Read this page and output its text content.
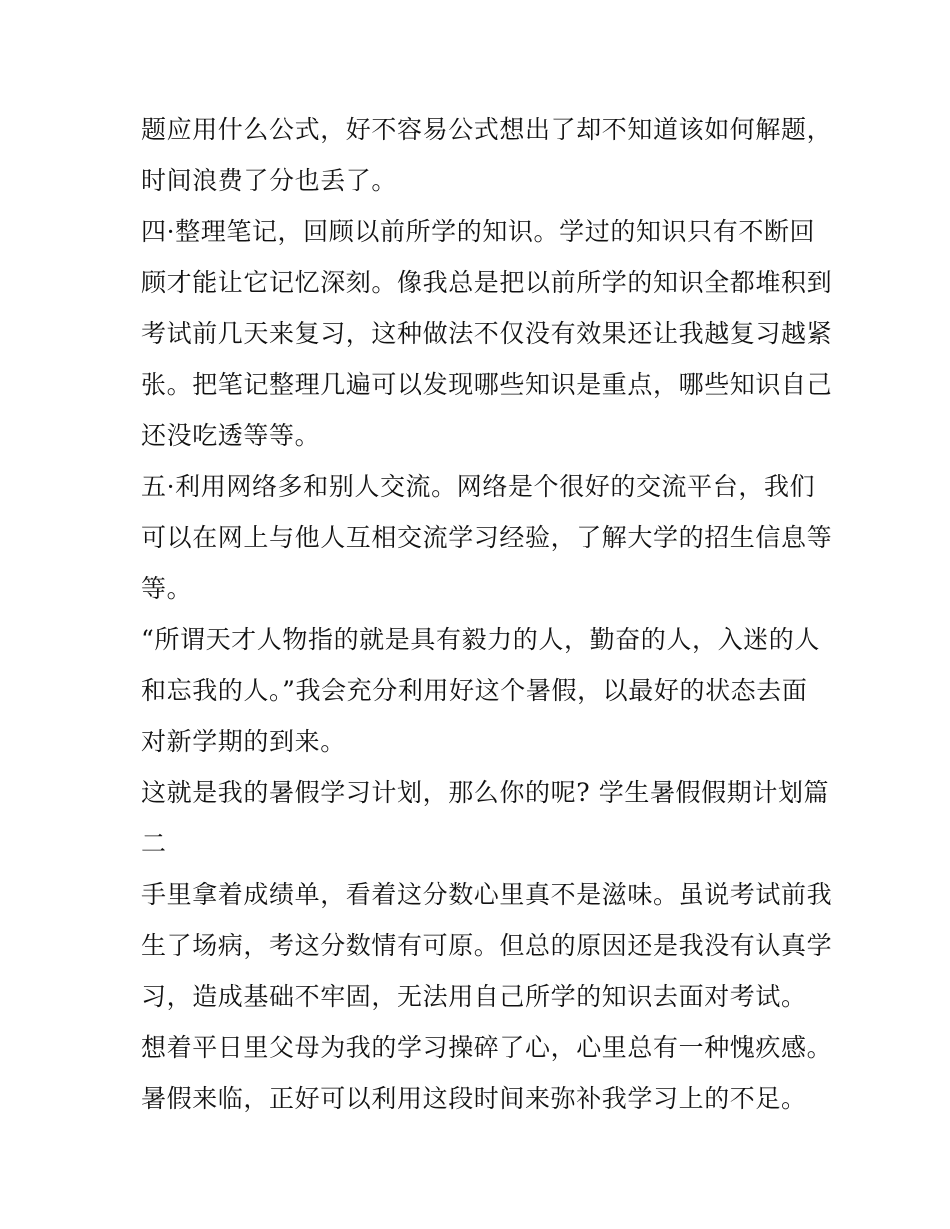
题应用什么公式，好不容易公式想出了却不知道该如何解题，
时间浪费了分也丢了。
四·整理笔记，回顾以前所学的知识。学过的知识只有不断回
顾才能让它记忆深刻。像我总是把以前所学的知识全都堆积到
考试前几天来复习，这种做法不仅没有效果还让我越复习越紧
张。把笔记整理几遍可以发现哪些知识是重点，哪些知识自己
还没吃透等等。
五·利用网络多和别人交流。网络是个很好的交流平台，我们
可以在网上与他人互相交流学习经验，了解大学的招生信息等
等。
“所谓天才人物指的就是具有毅力的人，勤奋的人，入迷的人
和忘我的人。”我会充分利用好这个暑假，以最好的状态去面
对新学期的到来。
这就是我的暑假学习计划，那么你的呢? 学生暑假假期计划篇
二
手里拿着成绩单，看着这分数心里真不是滋味。虽说考试前我
生了场病，考这分数情有可原。但总的原因还是我没有认真学
习，造成基础不牢固，无法用自己所学的知识去面对考试。
想着平日里父母为我的学习操碎了心，心里总有一种愧疚感。
暑假来临，正好可以利用这段时间来弥补我学习上的不足。
